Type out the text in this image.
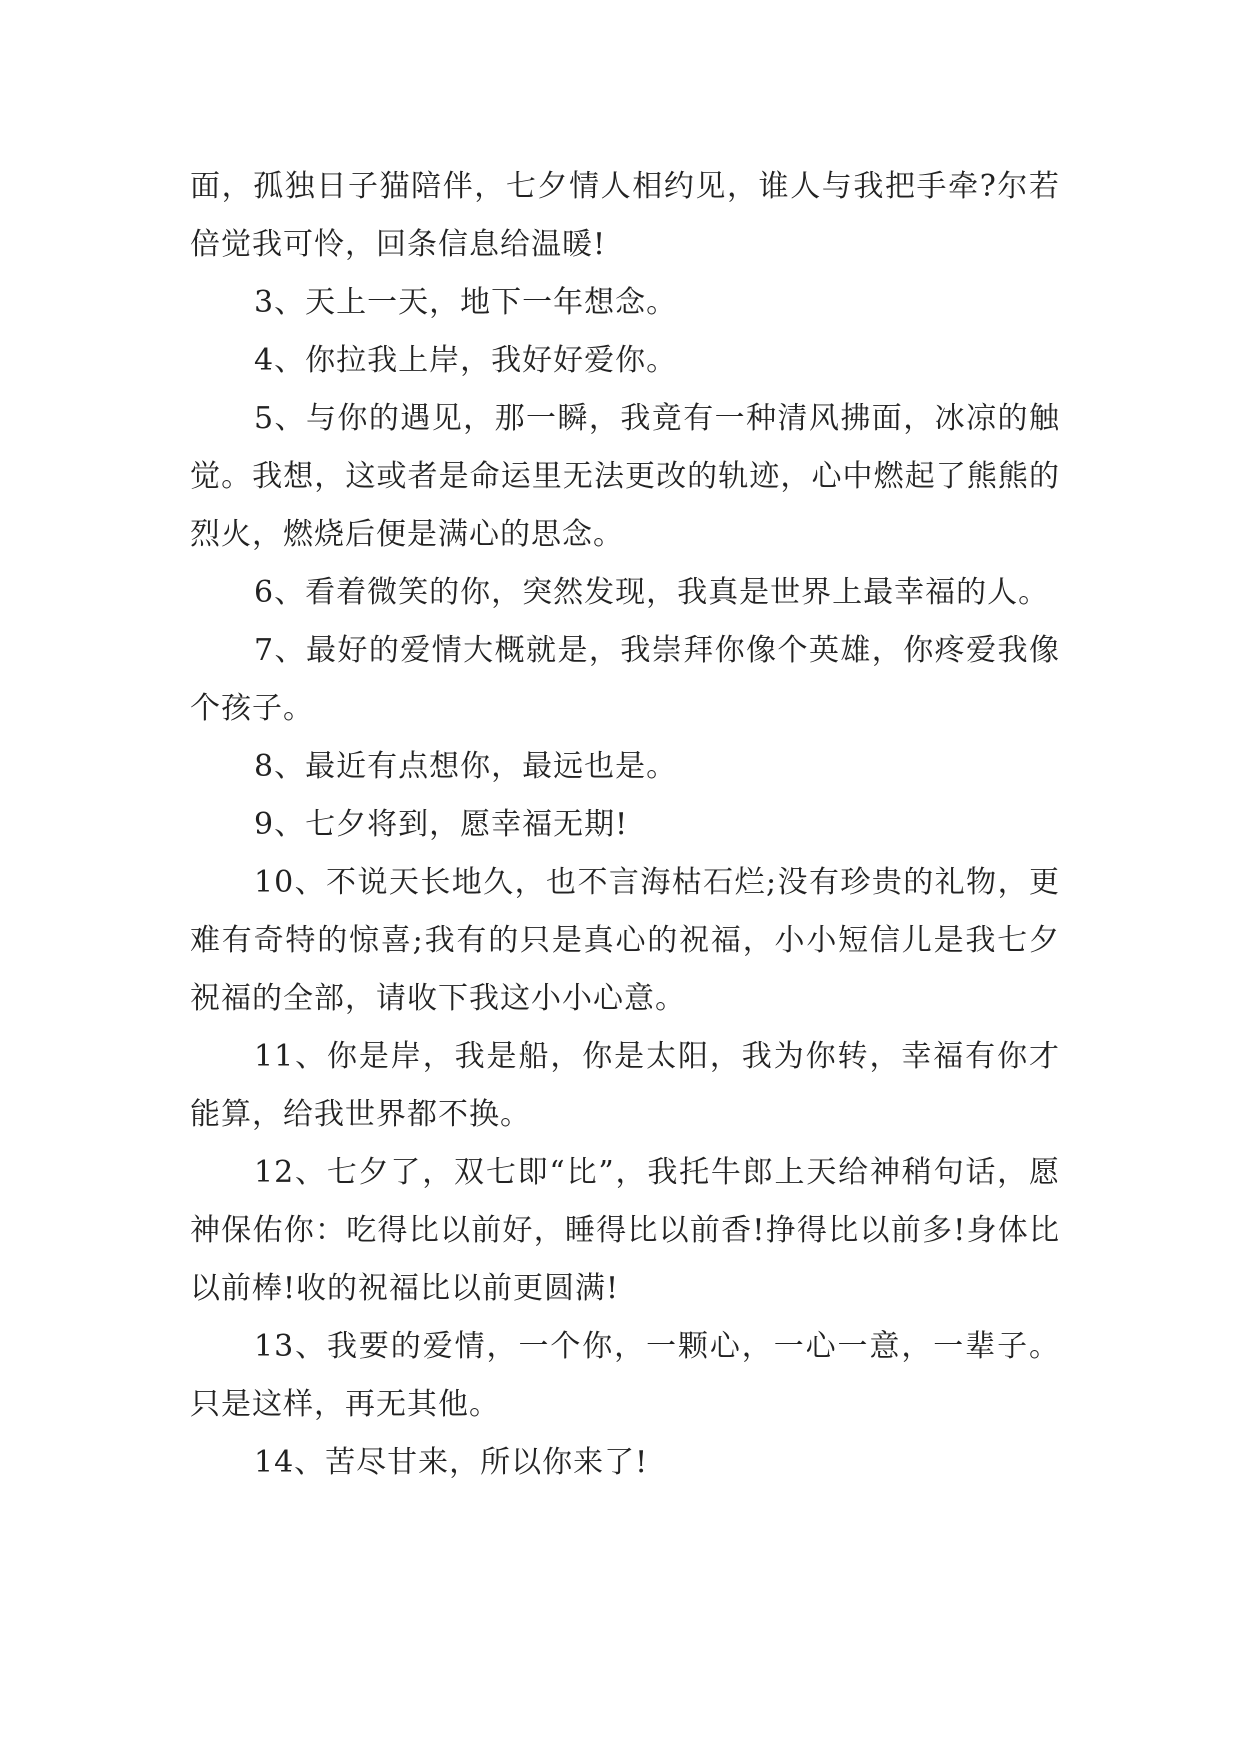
面，孤独日子猫陪伴，七夕情人相约见，谁人与我把手牵?尔若倍觉我可怜，回条信息给温暖!

3、天上一天，地下一年想念。

4、你拉我上岸，我好好爱你。

5、与你的遇见，那一瞬，我竟有一种清风拂面，冰凉的触觉。我想，这或者是命运里无法更改的轨迹，心中燃起了熊熊的烈火，燃烧后便是满心的思念。

6、看着微笑的你，突然发现，我真是世界上最幸福的人。

7、最好的爱情大概就是，我崇拜你像个英雄，你疼爱我像个孩子。

8、最近有点想你，最远也是。

9、七夕将到，愿幸福无期!

10、不说天长地久，也不言海枯石烂;没有珍贵的礼物，更难有奇特的惊喜;我有的只是真心的祝福，小小短信儿是我七夕祝福的全部，请收下我这小小心意。

11、你是岸，我是船，你是太阳，我为你转，幸福有你才能算，给我世界都不换。

12、七夕了，双七即“比”，我托牛郎上天给神稍句话，愿神保佑你：吃得比以前好，睡得比以前香!挣得比以前多!身体比以前棒!收的祝福比以前更圆满!

13、我要的爱情，一个你，一颗心，一心一意，一辈子。只是这样，再无其他。

14、苦尽甘来，所以你来了!
